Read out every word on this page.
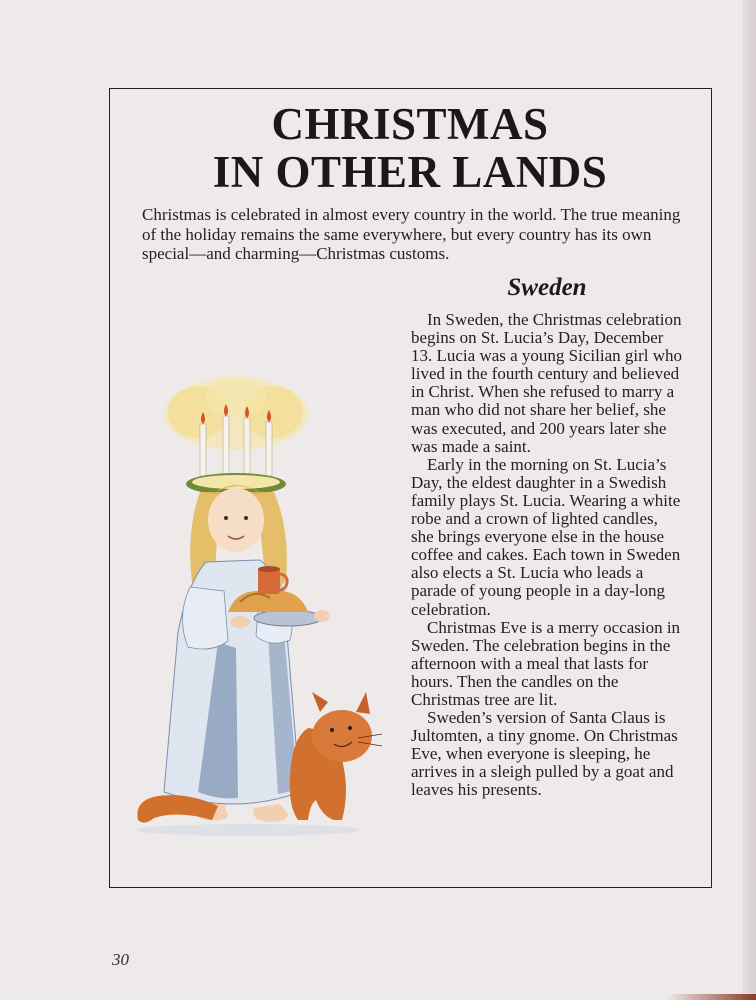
CHRISTMAS
IN OTHER LANDS

Christmas is celebrated in almost every country in the world. The true meaning of the holiday remains the same everywhere, but every country has its own special—and charming—Christmas customs.

Sweden

In Sweden, the Christmas celebration begins on St. Lucia’s Day, December 13. Lucia was a young Sicilian girl who lived in the fourth century and believed in Christ. When she refused to marry a man who did not share her belief, she was executed, and 200 years later she was made a saint.

Early in the morning on St. Lucia’s Day, the eldest daughter in a Swedish family plays St. Lucia. Wearing a white robe and a crown of lighted candles, she brings everyone else in the house coffee and cakes. Each town in Sweden also elects a St. Lucia who leads a parade of young people in a day-long celebration.

Christmas Eve is a merry occasion in Sweden. The celebration begins in the afternoon with a meal that lasts for hours. Then the candles on the Christmas tree are lit.

Sweden’s version of Santa Claus is Jultomten, a tiny gnome. On Christmas Eve, when everyone is sleeping, he arrives in a sleigh pulled by a goat and leaves his presents.

30
